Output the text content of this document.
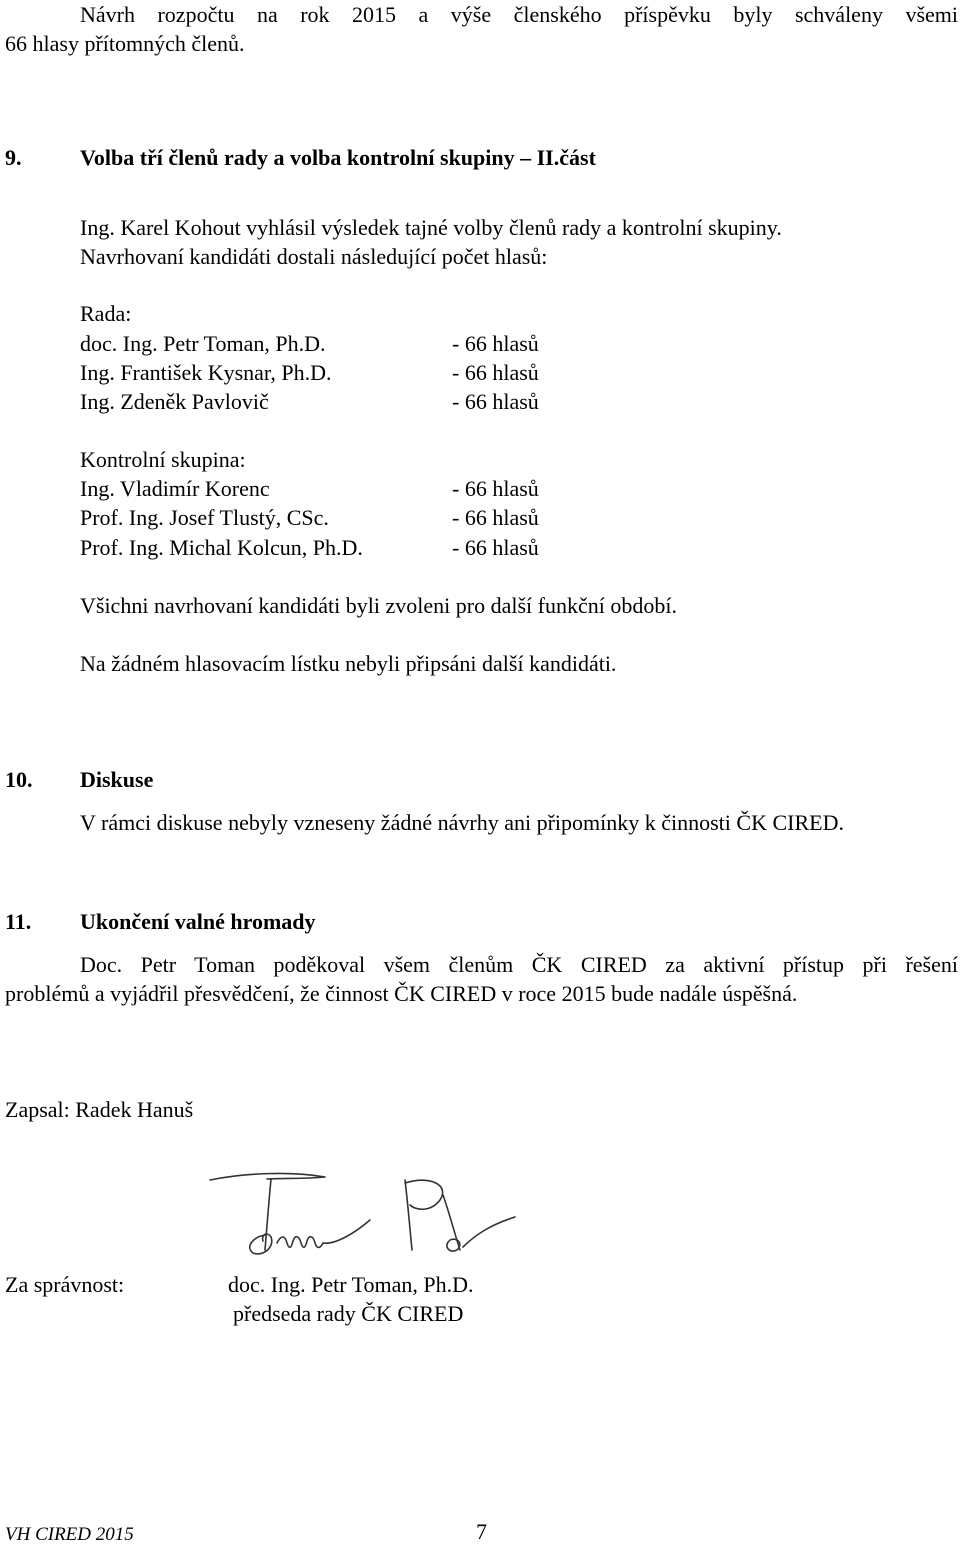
Návrh rozpočtu na rok 2015 a výše členského příspěvku byly schváleny všemi
66 hlasy přítomných členů.
9.	Volba tří členů rady a volba kontrolní skupiny – II.část
Ing. Karel Kohout vyhlásil výsledek tajné volby členů rady a kontrolní skupiny.
Navrhovaní kandidáti dostali následující počet hlasů:
Rada:
doc. Ing. Petr Toman, Ph.D.	- 66 hlasů
Ing. František Kysnar, Ph.D.	- 66 hlasů
Ing. Zdeněk Pavlovič	- 66 hlasů
Kontrolní skupina:
Ing. Vladimír Korenc	- 66 hlasů
Prof. Ing. Josef Tlustý, CSc.	- 66 hlasů
Prof. Ing. Michal Kolcun, Ph.D.	- 66 hlasů
Všichni navrhovaní kandidáti byli zvoleni pro další funkční období.
Na žádném hlasovacím lístku nebyli připsáni další kandidáti.
10. Diskuse
V rámci diskuse nebyly vzneseny žádné návrhy ani připomínky k činnosti ČK CIRED.
11. Ukončení valné hromady
Doc. Petr Toman poděkoval všem členům ČK CIRED za aktivní přístup při řešení
problémů a vyjádřil přesvědčení, že činnost ČK CIRED v roce 2015 bude nadále úspěšná.
Zapsal: Radek Hanuš
Za správnost:	doc. Ing. Petr Toman, Ph.D.
předseda rady ČK CIRED
VH CIRED 2015	7
